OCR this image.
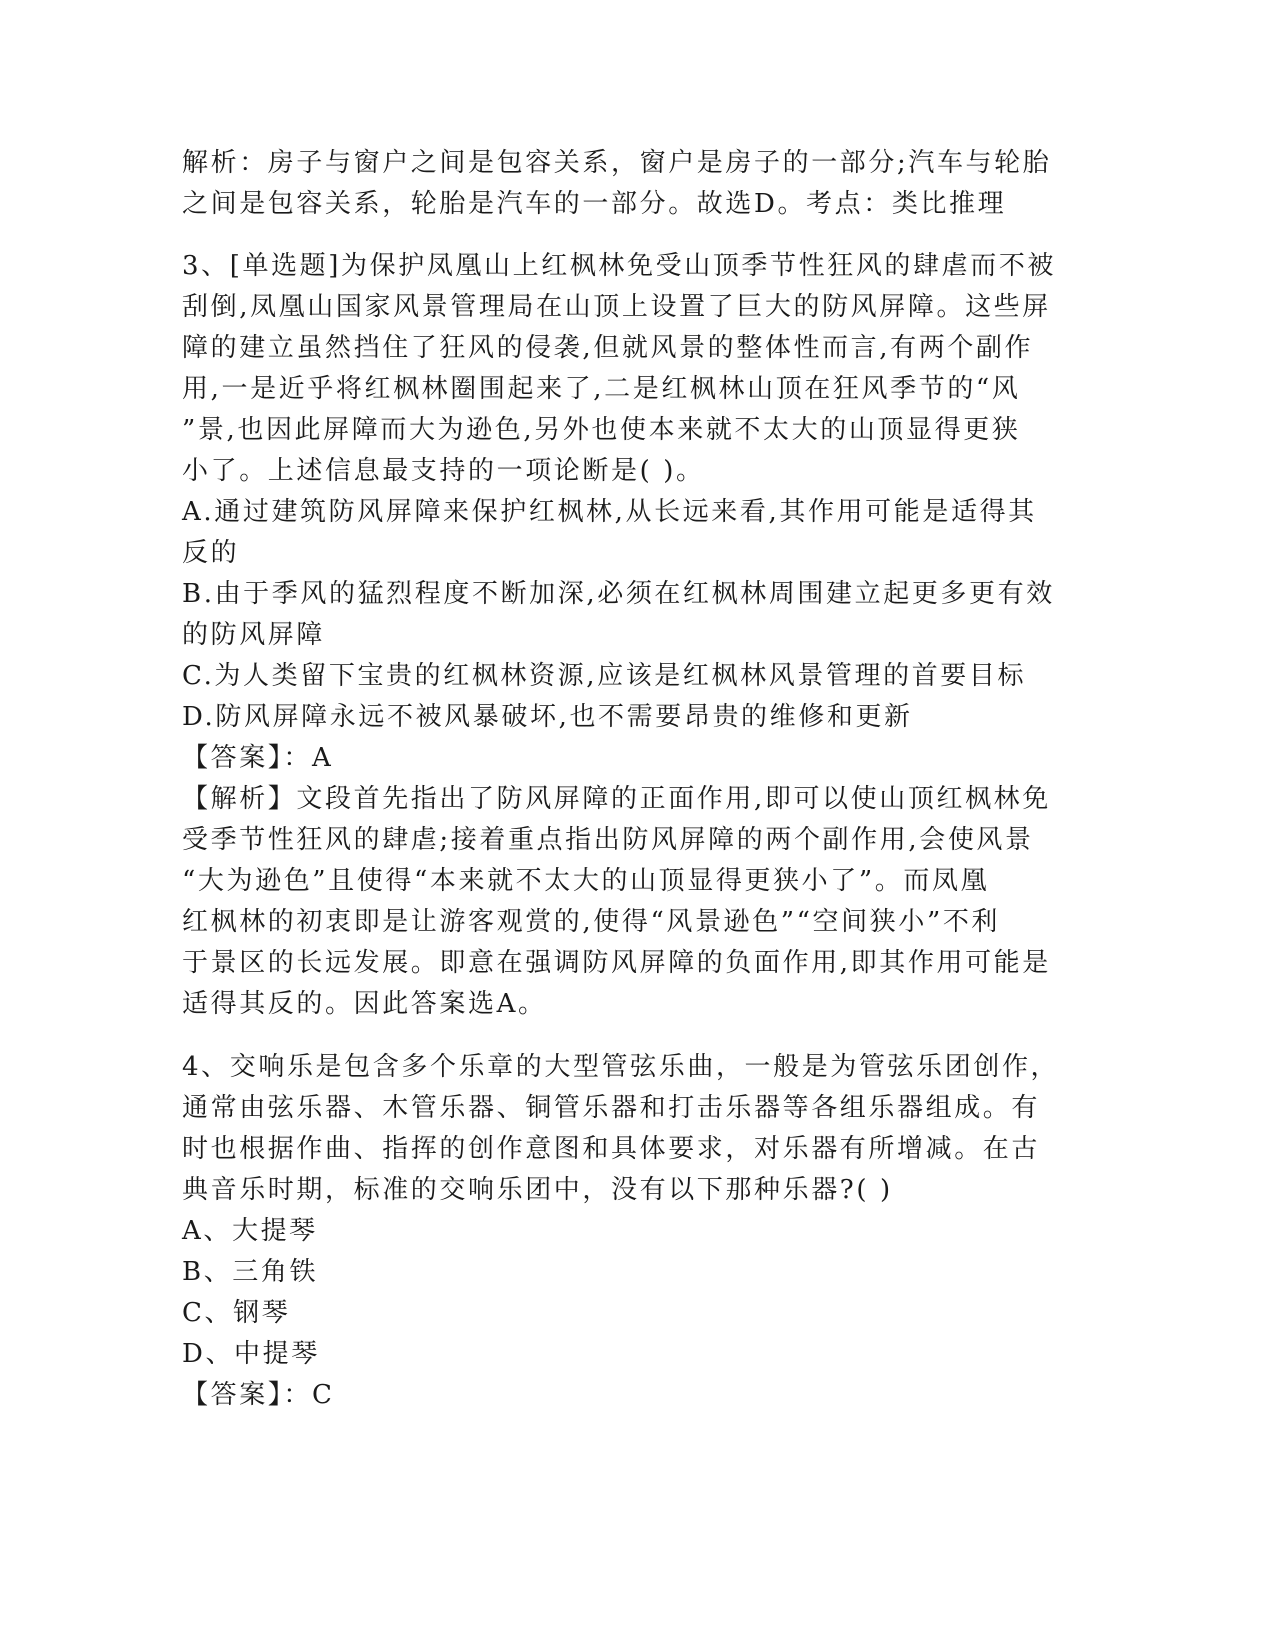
解析：房子与窗户之间是包容关系，窗户是房子的一部分;汽车与轮胎
之间是包容关系，轮胎是汽车的一部分。故选D。考点：类比推理
3、[单选题]为保护凤凰山上红枫林免受山顶季节性狂风的肆虐而不被
刮倒,凤凰山国家风景管理局在山顶上设置了巨大的防风屏障。这些屏
障的建立虽然挡住了狂风的侵袭,但就风景的整体性而言,有两个副作
用,一是近乎将红枫林圈围起来了,二是红枫林山顶在狂风季节的“风
”景,也因此屏障而大为逊色,另外也使本来就不太大的山顶显得更狭
小了。上述信息最支持的一项论断是( )。
A.通过建筑防风屏障来保护红枫林,从长远来看,其作用可能是适得其
反的
B.由于季风的猛烈程度不断加深,必须在红枫林周围建立起更多更有效
的防风屏障
C.为人类留下宝贵的红枫林资源,应该是红枫林风景管理的首要目标
D.防风屏障永远不被风暴破坏,也不需要昂贵的维修和更新
【答案】：A
【解析】文段首先指出了防风屏障的正面作用,即可以使山顶红枫林免
受季节性狂风的肆虐;接着重点指出防风屏障的两个副作用,会使风景
“大为逊色”且使得“本来就不太大的山顶显得更狭小了”。而凤凰
红枫林的初衷即是让游客观赏的,使得“风景逊色”“空间狭小”不利
于景区的长远发展。即意在强调防风屏障的负面作用,即其作用可能是
适得其反的。因此答案选A。
4、交响乐是包含多个乐章的大型管弦乐曲，一般是为管弦乐团创作，
通常由弦乐器、木管乐器、铜管乐器和打击乐器等各组乐器组成。有
时也根据作曲、指挥的创作意图和具体要求，对乐器有所增减。在古
典音乐时期，标准的交响乐团中，没有以下那种乐器?( )
A、大提琴
B、三角铁
C、钢琴
D、中提琴
【答案】：C
